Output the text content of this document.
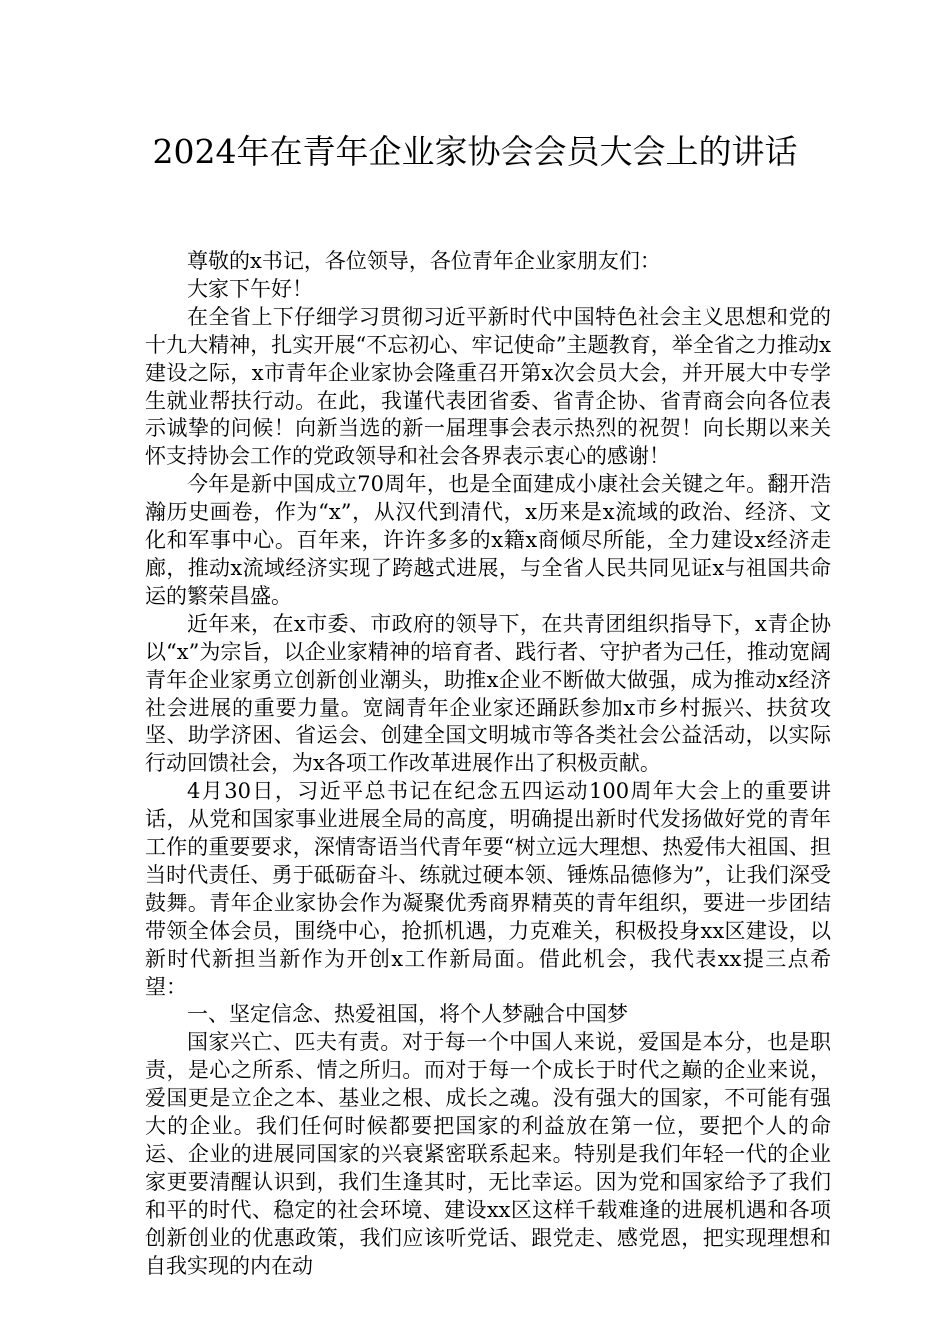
2024年在青年企业家协会会员大会上的讲话

尊敬的x书记，各位领导，各位青年企业家朋友们：

大家下午好！

在全省上下仔细学习贯彻习近平新时代中国特色社会主义思想和党的十九大精神，扎实开展“不忘初心、牢记使命”主题教育，举全省之力推动x建设之际，x市青年企业家协会隆重召开第x次会员大会，并开展大中专学生就业帮扶行动。在此，我谨代表团省委、省青企协、省青商会向各位表示诚挚的问候！向新当选的新一届理事会表示热烈的祝贺！向长期以来关怀支持协会工作的党政领导和社会各界表示衷心的感谢！

今年是新中国成立70周年，也是全面建成小康社会关键之年。翻开浩瀚历史画卷，作为“x”，从汉代到清代，x历来是x流域的政治、经济、文化和军事中心。百年来，许许多多的x籍x商倾尽所能，全力建设x经济走廊，推动x流域经济实现了跨越式进展，与全省人民共同见证x与祖国共命运的繁荣昌盛。

近年来，在x市委、市政府的领导下，在共青团组织指导下，x青企协以“x”为宗旨，以企业家精神的培育者、践行者、守护者为己任，推动宽阔青年企业家勇立创新创业潮头，助推x企业不断做大做强，成为推动x经济社会进展的重要力量。宽阔青年企业家还踊跃参加x市乡村振兴、扶贫攻坚、助学济困、省运会、创建全国文明城市等各类社会公益活动，以实际行动回馈社会，为x各项工作改革进展作出了积极贡献。

4月30日，习近平总书记在纪念五四运动100周年大会上的重要讲话，从党和国家事业进展全局的高度，明确提出新时代发扬做好党的青年工作的重要要求，深情寄语当代青年要“树立远大理想、热爱伟大祖国、担当时代责任、勇于砥砺奋斗、练就过硬本领、锤炼品德修为”，让我们深受鼓舞。青年企业家协会作为凝聚优秀商界精英的青年组织，要进一步团结带领全体会员，围绕中心，抢抓机遇，力克难关，积极投身xx区建设，以新时代新担当新作为开创x工作新局面。借此机会，我代表xx提三点希望：

一、坚定信念、热爱祖国，将个人梦融合中国梦

国家兴亡、匹夫有责。对于每一个中国人来说，爱国是本分，也是职责，是心之所系、情之所归。而对于每一个成长于时代之巅的企业来说，爱国更是立企之本、基业之根、成长之魂。没有强大的国家，不可能有强大的企业。我们任何时候都要把国家的利益放在第一位，要把个人的命运、企业的进展同国家的兴衰紧密联系起来。特别是我们年轻一代的企业家更要清醒认识到，我们生逢其时，无比幸运。因为党和国家给予了我们和平的时代、稳定的社会环境、建设xx区这样千载难逢的进展机遇和各项创新创业的优惠政策，我们应该听党话、跟党走、感党恩，把实现理想和自我实现的内在动
